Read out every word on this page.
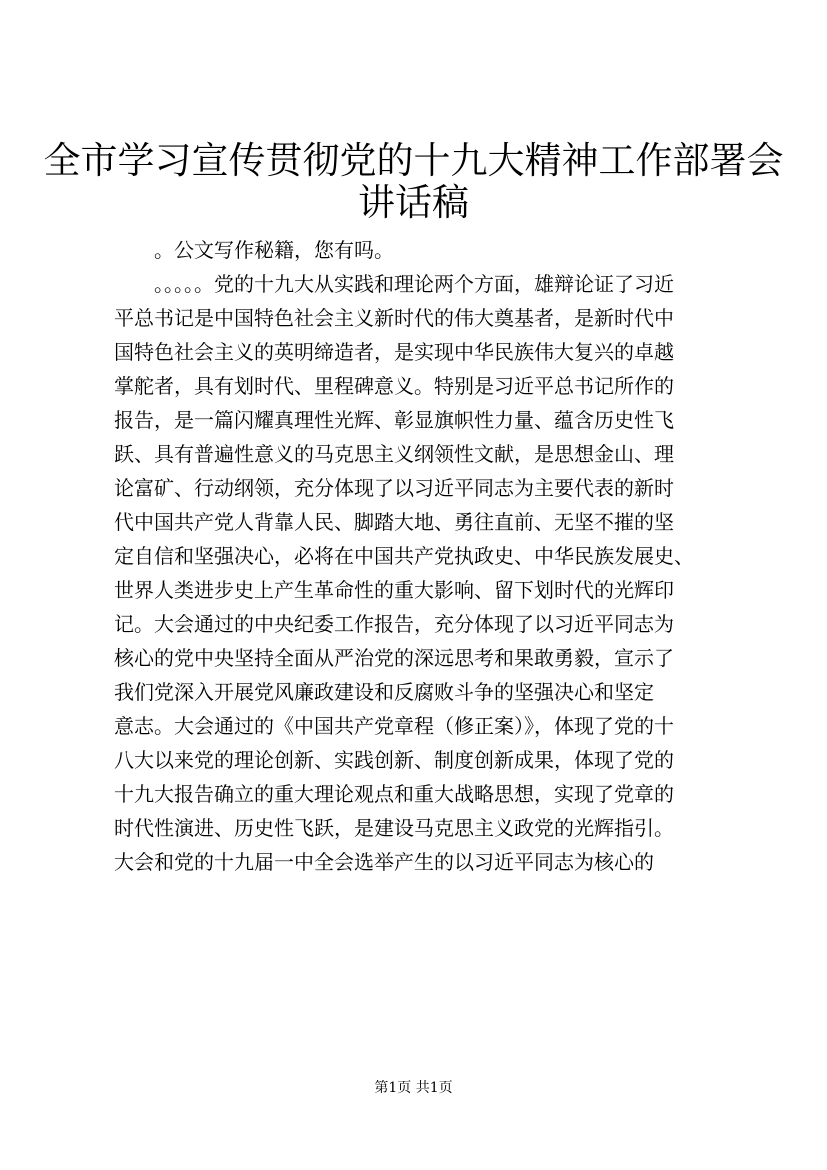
全市学习宣传贯彻党的十九大精神工作部署会
讲话稿
。公文写作秘籍，您有吗。
。。。。。党的十九大从实践和理论两个方面，雄辩论证了习近
平总书记是中国特色社会主义新时代的伟大奠基者，是新时代中
国特色社会主义的英明缔造者，是实现中华民族伟大复兴的卓越
掌舵者，具有划时代、里程碑意义。特别是习近平总书记所作的
报告，是一篇闪耀真理性光辉、彰显旗帜性力量、蕴含历史性飞
跃、具有普遍性意义的马克思主义纲领性文献，是思想金山、理
论富矿、行动纲领，充分体现了以习近平同志为主要代表的新时
代中国共产党人背靠人民、脚踏大地、勇往直前、无坚不摧的坚
定自信和坚强决心，必将在中国共产党执政史、中华民族发展史、
世界人类进步史上产生革命性的重大影响、留下划时代的光辉印
记。大会通过的中央纪委工作报告，充分体现了以习近平同志为
核心的党中央坚持全面从严治党的深远思考和果敢勇毅，宣示了
我们党深入开展党风廉政建设和反腐败斗争的坚强决心和坚定
意志。大会通过的《中国共产党章程（修正案）》，体现了党的十
八大以来党的理论创新、实践创新、制度创新成果，体现了党的
十九大报告确立的重大理论观点和重大战略思想，实现了党章的
时代性演进、历史性飞跃，是建设马克思主义政党的光辉指引。
大会和党的十九届一中全会选举产生的以习近平同志为核心的
第1页 共1页
